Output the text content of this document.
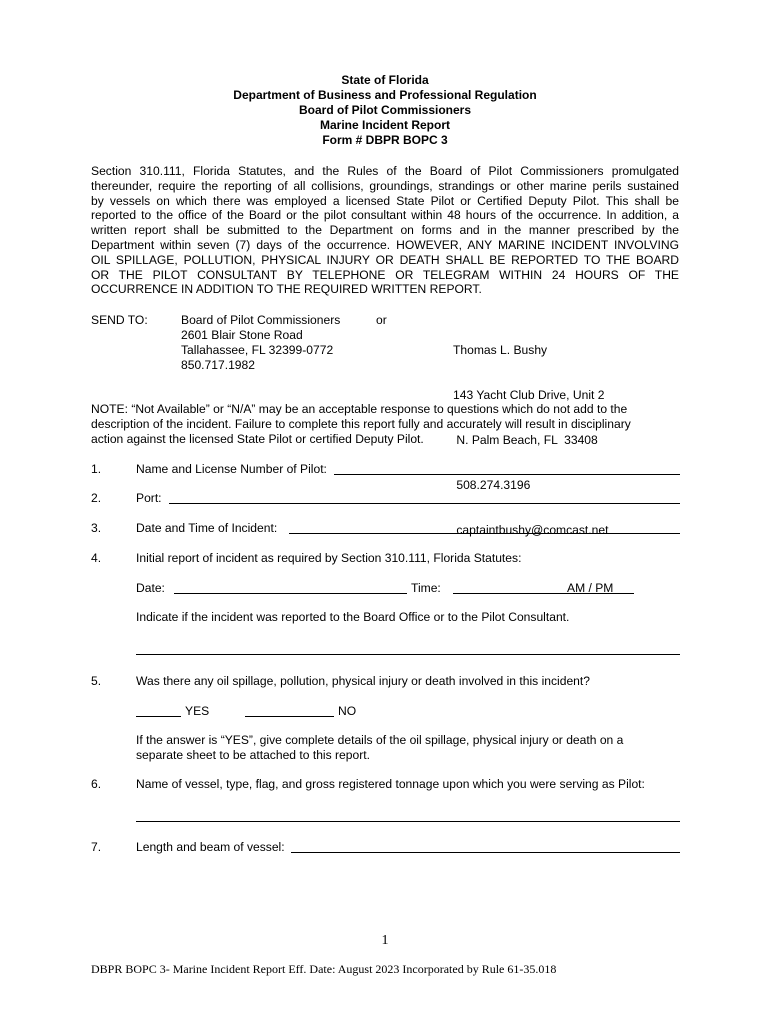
State of Florida
Department of Business and Professional Regulation
Board of Pilot Commissioners
Marine Incident Report
Form # DBPR BOPC 3
Section 310.111, Florida Statutes, and the Rules of the Board of Pilot Commissioners promulgated
thereunder, require the reporting of all collisions, groundings, strandings or other marine perils sustained
by vessels on which there was employed a licensed State Pilot or Certified Deputy Pilot. This shall be
reported to the office of the Board or the pilot consultant within 48 hours of the occurrence. In addition, a
written report shall be submitted to the Department on forms and in the manner prescribed by the
Department within seven (7) days of the occurrence. HOWEVER, ANY MARINE INCIDENT INVOLVING
OIL SPILLAGE, POLLUTION, PHYSICAL INJURY OR DEATH SHALL BE REPORTED TO THE BOARD
OR THE PILOT CONSULTANT BY TELEPHONE OR TELEGRAM WITHIN 24 HOURS OF THE
OCCURRENCE IN ADDITION TO THE REQUIRED WRITTEN REPORT.
SEND TO:	Board of Pilot Commissioners
2601 Blair Stone Road
Tallahassee, FL 32399-0772
850.717.1982
or

Thomas L. Bushy

143 Yacht Club Drive, Unit 2

N. Palm Beach, FL  33408

508.274.3196

captaintbushy@comcast.net

NOTE: “Not Available” or “N/A” may be an acceptable response to questions which do not add to the
description of the incident. Failure to complete this report fully and accurately will result in disciplinary
action against the licensed State Pilot or certified Deputy Pilot.
1.	Name and License Number of Pilot:
2.	Port:
3.	Date and Time of Incident:
4.	Initial report of incident as required by Section 310.111, Florida Statutes:
Date:	Time:	AM / PM
Indicate if the incident was reported to the Board Office or to the Pilot Consultant.
5.	Was there any oil spillage, pollution, physical injury or death involved in this incident?
YES	NO
If the answer is “YES”, give complete details of the oil spillage, physical injury or death on a
separate sheet to be attached to this report.
6.	Name of vessel, type, flag, and gross registered tonnage upon which you were serving as Pilot:
7.	Length and beam of vessel:
1
DBPR BOPC 3- Marine Incident Report Eff. Date: August 2023 Incorporated by Rule 61-35.018
